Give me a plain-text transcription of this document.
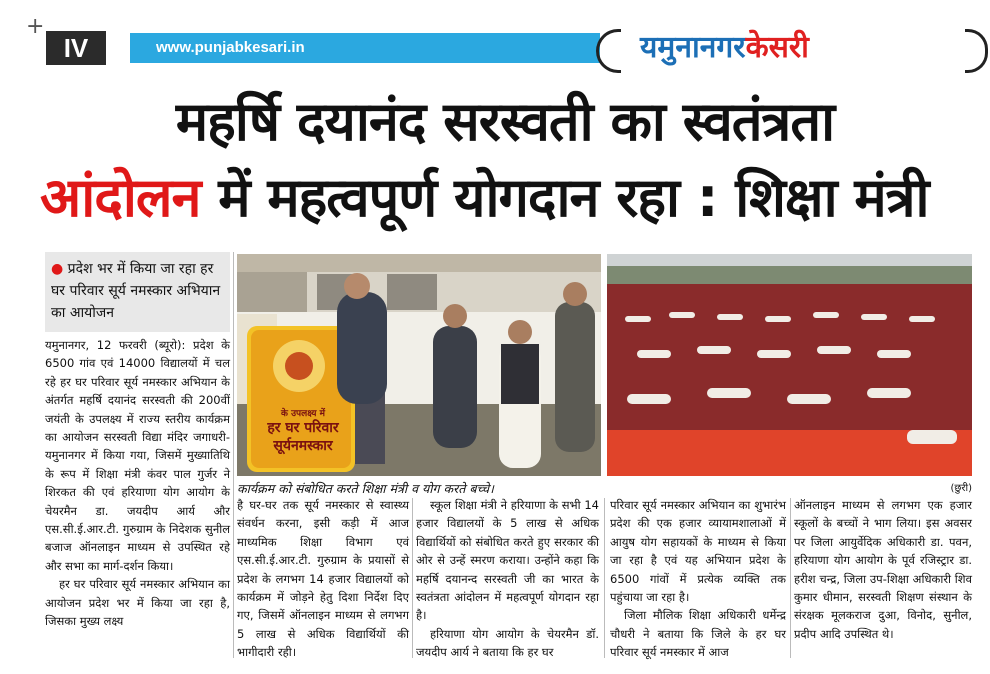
+
IV	www.punjabkesari.in	यमुनानगरकेसरी
महर्षि दयानंद सरस्वती का स्वतंत्रता
आंदोलन में महत्वपूर्ण योगदान रहा : शिक्षा मंत्री
● प्रदेश भर में किया जा रहा हर घर परिवार सूर्य नमस्कार अभियान का आयोजन

यमुनानगर, 12 फरवरी (ब्यूरो): प्रदेश के 6500 गांव एवं 14000 विद्यालयों में चल रहे हर घर परिवार सूर्य नमस्कार अभियान के अंतर्गत महर्षि दयानंद सरस्वती की 200वीं जयंती के उपलक्ष्य में राज्य स्तरीय कार्यक्रम का आयोजन सरस्वती विद्या मंदिर जगाधरी-यमुनानगर में किया गया, जिसमें मुख्यातिथि के रूप में शिक्षा मंत्री कंवर पाल गुर्जर ने शिरकत की एवं हरियाणा योग आयोग के चेयरमैन डा. जयदीप आर्य और एस.सी.ई.आर.टी. गुरुग्राम के निदेशक सुनील बजाज ऑनलाइन माध्यम से उपस्थित रहे और सभा का मार्ग-दर्शन किया।

हर घर परिवार सूर्य नमस्कार अभियान का आयोजन प्रदेश भर में किया जा रहा है, जिसका मुख्य लक्ष्य

के उपलक्ष्य में
हर घर परिवार
सूर्यनमस्कार
कार्यक्रम को संबोधित करते शिक्षा मंत्री व योग करते बच्चे।	(छुरी)

है घर-घर तक सूर्य नमस्कार से स्वास्थ्य संवर्धन करना, इसी कड़ी में आज माध्यमिक शिक्षा विभाग एवं एस.सी.ई.आर.टी. गुरुग्राम के प्रयासों से प्रदेश के लगभग 14 हजार विद्यालयों को कार्यक्रम में जोड़ने हेतु दिशा निर्देश दिए गए, जिसमें ऑनलाइन माध्यम से लगभग 5 लाख से अधिक विद्यार्थियों की भागीदारी रही।

स्कूल शिक्षा मंत्री ने हरियाणा के सभी 14 हजार विद्यालयों के 5 लाख से अधिक विद्यार्थियों को संबोधित करते हुए सरकार की ओर से उन्हें स्मरण कराया। उन्होंने कहा कि महर्षि दयानन्द सरस्वती जी का भारत के स्वतंत्रता आंदोलन में महत्वपूर्ण योगदान रहा है।

हरियाणा योग आयोग के चेयरमैन डॉ. जयदीप आर्य ने बताया कि हर घर

परिवार सूर्य नमस्कार अभियान का शुभारंभ प्रदेश की एक हजार व्यायामशालाओं में आयुष योग सहायकों के माध्यम से किया जा रहा है एवं यह अभियान प्रदेश के 6500 गांवों में प्रत्येक व्यक्ति तक पहुंचाया जा रहा है।

जिला मौलिक शिक्षा अधिकारी धर्मेन्द्र चौधरी ने बताया कि जिले के हर घर परिवार सूर्य नमस्कार में आज

ऑनलाइन माध्यम से लगभग एक हजार स्कूलों के बच्चों ने भाग लिया। इस अवसर पर जिला आयुर्वेदिक अधिकारी डा. पवन, हरियाणा योग आयोग के पूर्व रजिस्ट्रार डा. हरीश चन्द्र, जिला उप-शिक्षा अधिकारी शिव कुमार धीमान, सरस्वती शिक्षण संस्थान के संरक्षक मूलकराज दुआ, विनोद, सुनील, प्रदीप आदि उपस्थित थे।
